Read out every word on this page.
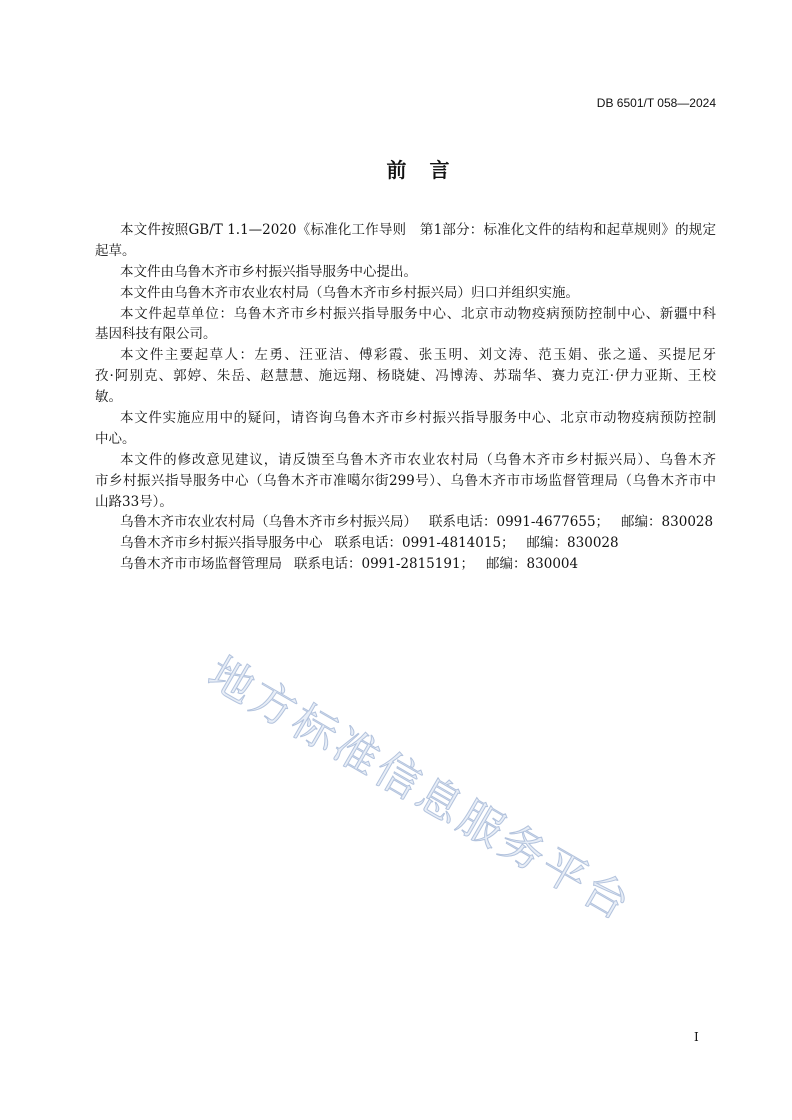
DB 6501/T 058—2024
前 言
本文件按照GB/T 1.1—2020《标准化工作导则　第1部分：标准化文件的结构和起草规则》的规定
起草。
本文件由乌鲁木齐市乡村振兴指导服务中心提出。
本文件由乌鲁木齐市农业农村局（乌鲁木齐市乡村振兴局）归口并组织实施。
本文件起草单位：乌鲁木齐市乡村振兴指导服务中心、北京市动物疫病预防控制中心、新疆中科
基因科技有限公司。
本文件主要起草人：左勇、汪亚洁、傅彩霞、张玉明、刘文涛、范玉娟、张之遥、买提尼牙
孜·阿别克、郭婷、朱岳、赵慧慧、施远翔、杨晓婕、冯博涛、苏瑞华、赛力克江·伊力亚斯、王校
敏。
本文件实施应用中的疑问，请咨询乌鲁木齐市乡村振兴指导服务中心、北京市动物疫病预防控制
中心。
本文件的修改意见建议，请反馈至乌鲁木齐市农业农村局（乌鲁木齐市乡村振兴局）、乌鲁木齐
市乡村振兴指导服务中心（乌鲁木齐市准噶尔街299号）、乌鲁木齐市市场监督管理局（乌鲁木齐市中
山路33号）。
乌鲁木齐市农业农村局（乌鲁木齐市乡村振兴局） 联系电话：0991-4677655； 邮编：830028
乌鲁木齐市乡村振兴指导服务中心 联系电话：0991-4814015； 邮编：830028
乌鲁木齐市市场监督管理局 联系电话：0991-2815191； 邮编：830004
地方标准信息服务平台
I
